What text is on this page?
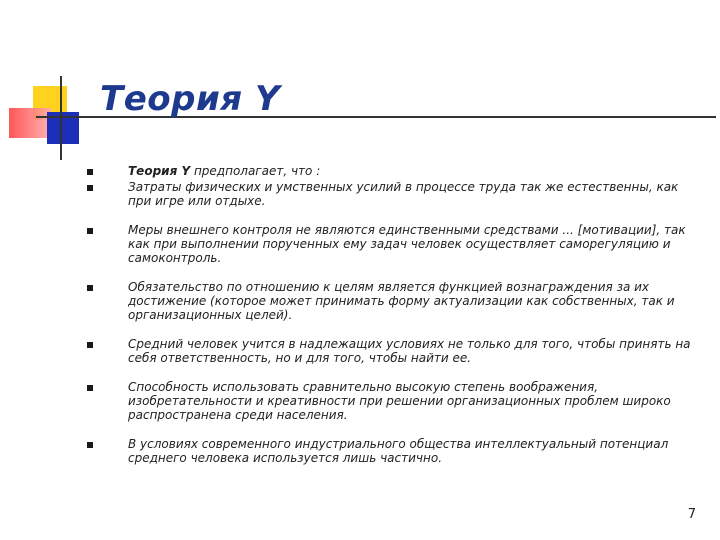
Теория Y
Теория Y предполагает, что :
Затраты физических и умственных усилий в процессе труда так же естественны, как при игре или отдыхе.
Меры внешнего контроля не являются единственными средствами ... [мотивации], так как при выполнении порученных ему задач человек осуществляет саморегуляцию и самоконтроль.
Обязательство по отношению к целям является функцией вознаграждения за их достижение (которое может принимать форму актуализации как собственных, так и организационных целей).
Средний человек учится в надлежащих условиях не только для того, чтобы принять на себя ответственность, но и для того, чтобы найти ее.
Способность использовать сравнительно высокую степень воображения, изобретательности и креативности при решении организационных проблем широко распространена среди населения.
В условиях современного индустриального общества интеллектуальный потенциал среднего человека используется лишь частично.
7
